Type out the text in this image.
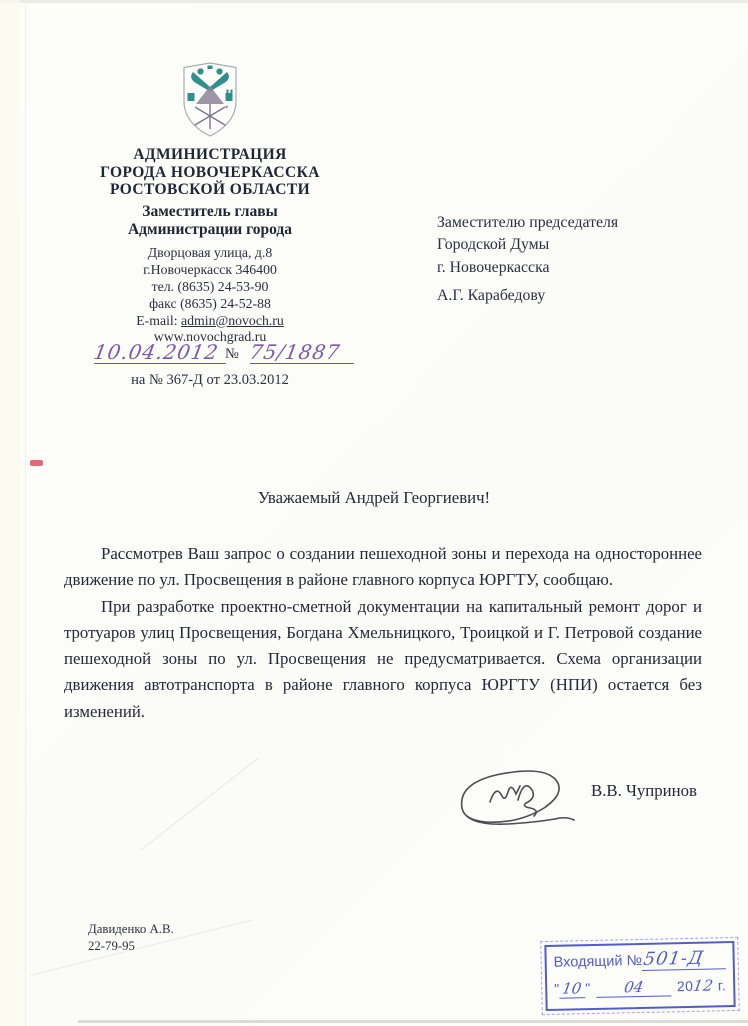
АДМИНИСТРАЦИЯ
ГОРОДА НОВОЧЕРКАССКА
РОСТОВСКОЙ ОБЛАСТИ
Заместитель главы
Администрации города
Дворцовая улица, д.8
г.Новочеркасск 346400
тел. (8635) 24-53-90
факс (8635) 24-52-88
E-mail: admin@novoch.ru
www.novochgrad.ru
10.04.2012 № 75/1887
на № 367-Д от 23.03.2012
Заместителю председателя
Городской Думы
г. Новочеркасска
А.Г. Карабедову
Уважаемый Андрей Георгиевич!

Рассмотрев Ваш запрос о создании пешеходной зоны и перехода на одностороннее движение по ул. Просвещения в районе главного корпуса ЮРГТУ, сообщаю.

При разработке проектно-сметной документации на капитальный ремонт дорог и тротуаров улиц Просвещения, Богдана Хмельницкого, Троицкой и Г. Петровой создание пешеходной зоны по ул. Просвещения не предусматривается. Схема организации движения автотранспорта в районе главного корпуса ЮРГТУ (НПИ) остается без изменений.

В.В. Чупринов
Давиденко А.В.
22-79-95
Входящий № 501-Д
" 10 "	04	2012 г.
